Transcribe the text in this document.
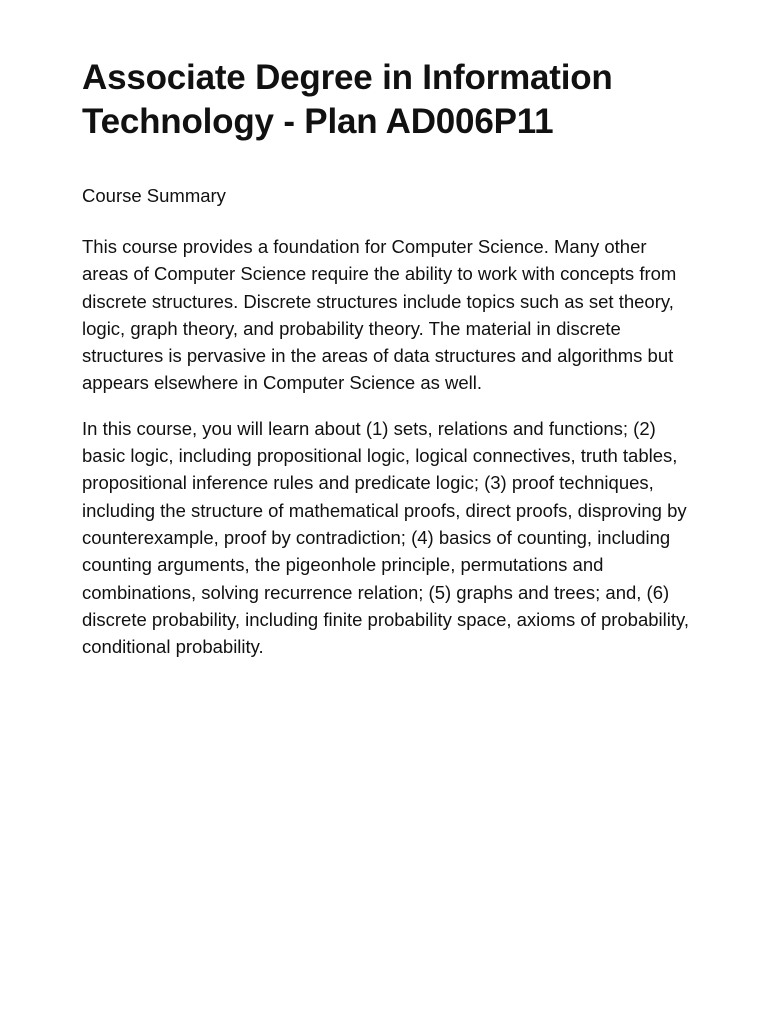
Associate Degree in Information Technology - Plan AD006P11
Course Summary

This course provides a foundation for Computer Science. Many other areas of Computer Science require the ability to work with concepts from discrete structures. Discrete structures include topics such as set theory, logic, graph theory, and probability theory. The material in discrete structures is pervasive in the areas of data structures and algorithms but appears elsewhere in Computer Science as well.

In this course, you will learn about (1) sets, relations and functions; (2) basic logic, including propositional logic, logical connectives, truth tables, propositional inference rules and predicate logic; (3) proof techniques, including the structure of mathematical proofs, direct proofs, disproving by counterexample, proof by contradiction; (4) basics of counting, including counting arguments, the pigeonhole principle, permutations and combinations, solving recurrence relation; (5) graphs and trees; and, (6) discrete probability, including finite probability space, axioms of probability, conditional probability.
